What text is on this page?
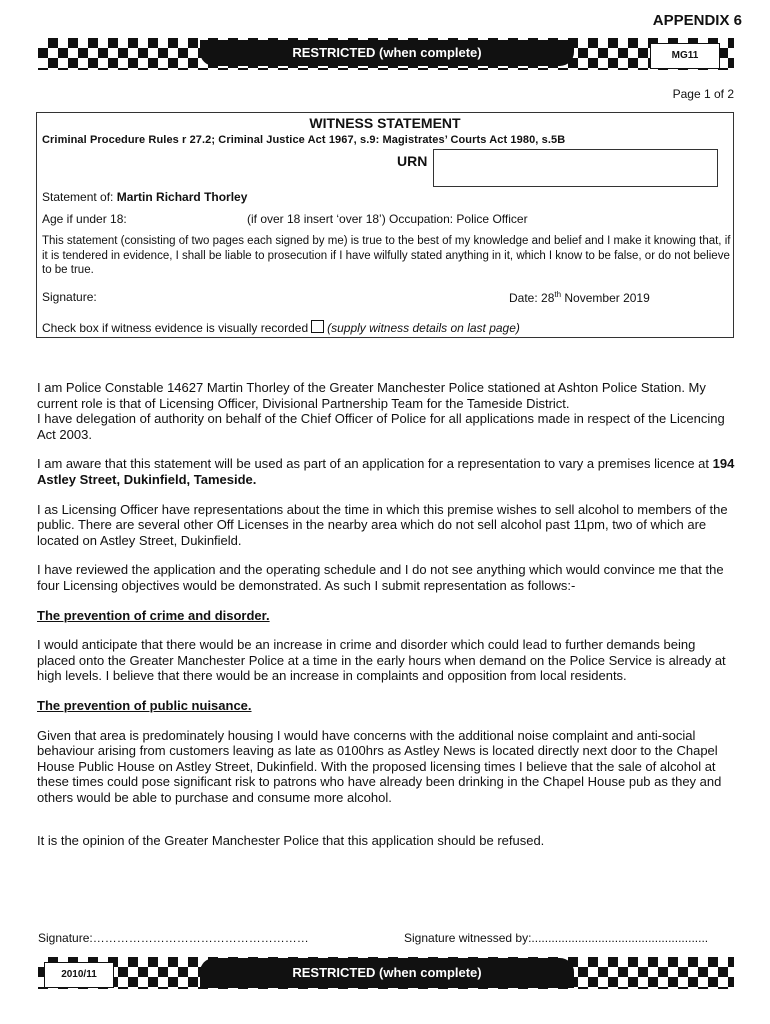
APPENDIX 6
RESTRICTED (when complete)	MG11
Page 1 of 2
WITNESS STATEMENT
Criminal Procedure Rules r 27.2; Criminal Justice Act 1967, s.9: Magistrates’ Courts Act 1980, s.5B
URN
Statement of: Martin Richard Thorley
Age if under 18:	(if over 18 insert ‘over 18’) Occupation: Police Officer
This statement (consisting of two pages each signed by me) is true to the best of my knowledge and belief and I make it knowing that, if it is tendered in evidence, I shall be liable to prosecution if I have wilfully stated anything in it, which I know to be false, or do not believe to be true.
Signature:	Date: 28th November 2019
Check box if witness evidence is visually recorded (supply witness details on last page)
I am Police Constable 14627 Martin Thorley of the Greater Manchester Police stationed at Ashton Police Station. My current role is that of Licensing Officer, Divisional Partnership Team for the Tameside District.
I have delegation of authority on behalf of the Chief Officer of Police for all applications made in respect of the Licencing Act 2003.
I am aware that this statement will be used as part of an application for a representation to vary a premises licence at 194 Astley Street, Dukinfield, Tameside.
I as Licensing Officer have representations about the time in which this premise wishes to sell alcohol to members of the public. There are several other Off Licenses in the nearby area which do not sell alcohol past 11pm, two of which are located on Astley Street, Dukinfield.
I have reviewed the application and the operating schedule and I do not see anything which would convince me that the four Licensing objectives would be demonstrated. As such I submit representation as follows:-
The prevention of crime and disorder.
I would anticipate that there would be an increase in crime and disorder which could lead to further demands being placed onto the Greater Manchester Police at a time in the early hours when demand on the Police Service is already at high levels. I believe that there would be an increase in complaints and opposition from local residents.
The prevention of public nuisance.
Given that area is predominately housing I would have concerns with the additional noise complaint and anti-social behaviour arising from customers leaving as late as 0100hrs as Astley News is located directly next door to the Chapel House Public House on Astley Street, Dukinfield. With the proposed licensing times I believe that the sale of alcohol at these times could pose significant risk to patrons who have already been drinking in the Chapel House pub as they and others would be able to purchase and consume more alcohol.
It is the opinion of the Greater Manchester Police that this application should be refused.
Signature:………………………………………………	Signature witnessed by:.....................................................
RESTRICTED (when complete)
2010/11
